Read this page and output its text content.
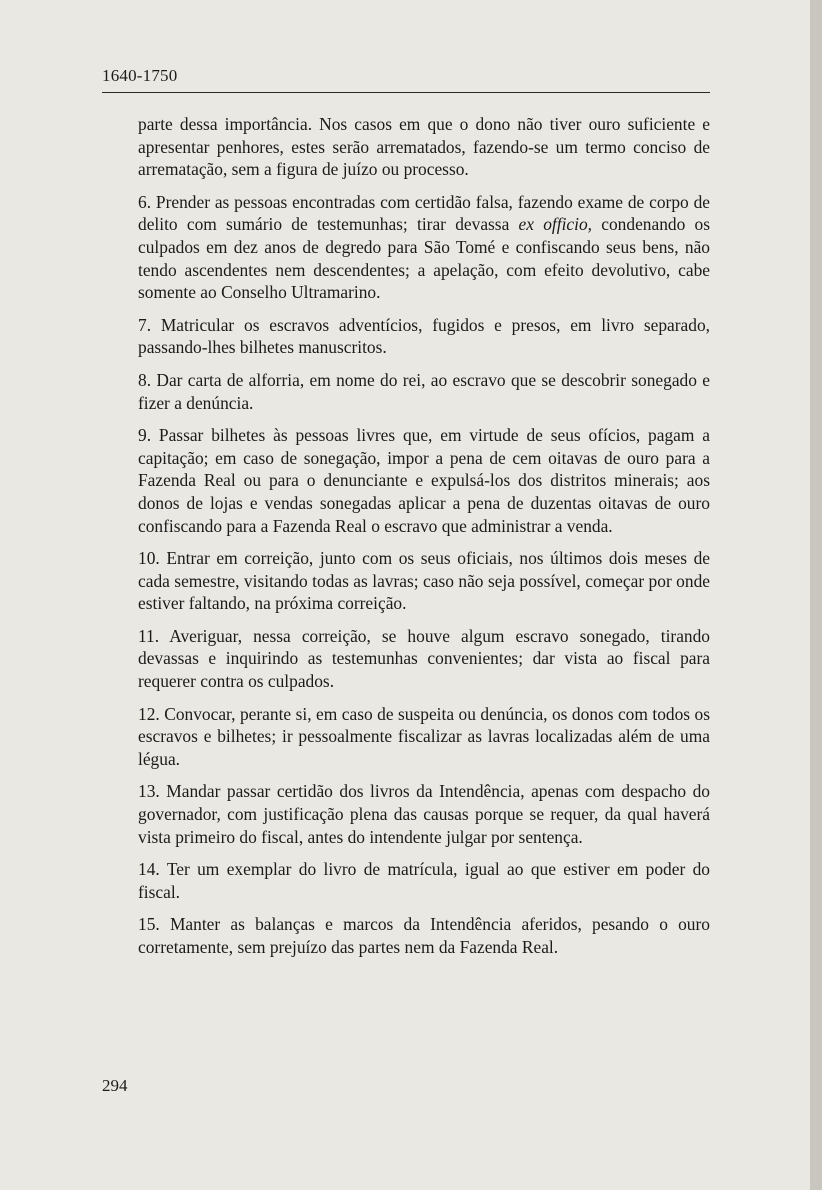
1640-1750

parte dessa importância. Nos casos em que o dono não tiver ouro suficiente e apresentar penhores, estes serão arrematados, fazendo-se um termo conciso de arrematação, sem a figura de juízo ou processo.

6. Prender as pessoas encontradas com certidão falsa, fazendo exame de corpo de delito com sumário de testemunhas; tirar devassa ex officio, condenando os culpados em dez anos de degredo para São Tomé e confiscando seus bens, não tendo ascendentes nem descendentes; a apelação, com efeito devolutivo, cabe somente ao Conselho Ultramarino.

7. Matricular os escravos adventícios, fugidos e presos, em livro separado, passando-lhes bilhetes manuscritos.

8. Dar carta de alforria, em nome do rei, ao escravo que se descobrir sonegado e fizer a denúncia.

9. Passar bilhetes às pessoas livres que, em virtude de seus ofícios, pagam a capitação; em caso de sonegação, impor a pena de cem oitavas de ouro para a Fazenda Real ou para o denunciante e expulsá-los dos distritos minerais; aos donos de lojas e vendas sonegadas aplicar a pena de duzentas oitavas de ouro confiscando para a Fazenda Real o escravo que administrar a venda.

10. Entrar em correição, junto com os seus oficiais, nos últimos dois meses de cada semestre, visitando todas as lavras; caso não seja possível, começar por onde estiver faltando, na próxima correição.

11. Averiguar, nessa correição, se houve algum escravo sonegado, tirando devassas e inquirindo as testemunhas convenientes; dar vista ao fiscal para requerer contra os culpados.

12. Convocar, perante si, em caso de suspeita ou denúncia, os donos com todos os escravos e bilhetes; ir pessoalmente fiscalizar as lavras localizadas além de uma légua.

13. Mandar passar certidão dos livros da Intendência, apenas com despacho do governador, com justificação plena das causas porque se requer, da qual haverá vista primeiro do fiscal, antes do intendente julgar por sentença.

14. Ter um exemplar do livro de matrícula, igual ao que estiver em poder do fiscal.

15. Manter as balanças e marcos da Intendência aferidos, pesando o ouro corretamente, sem prejuízo das partes nem da Fazenda Real.

294
